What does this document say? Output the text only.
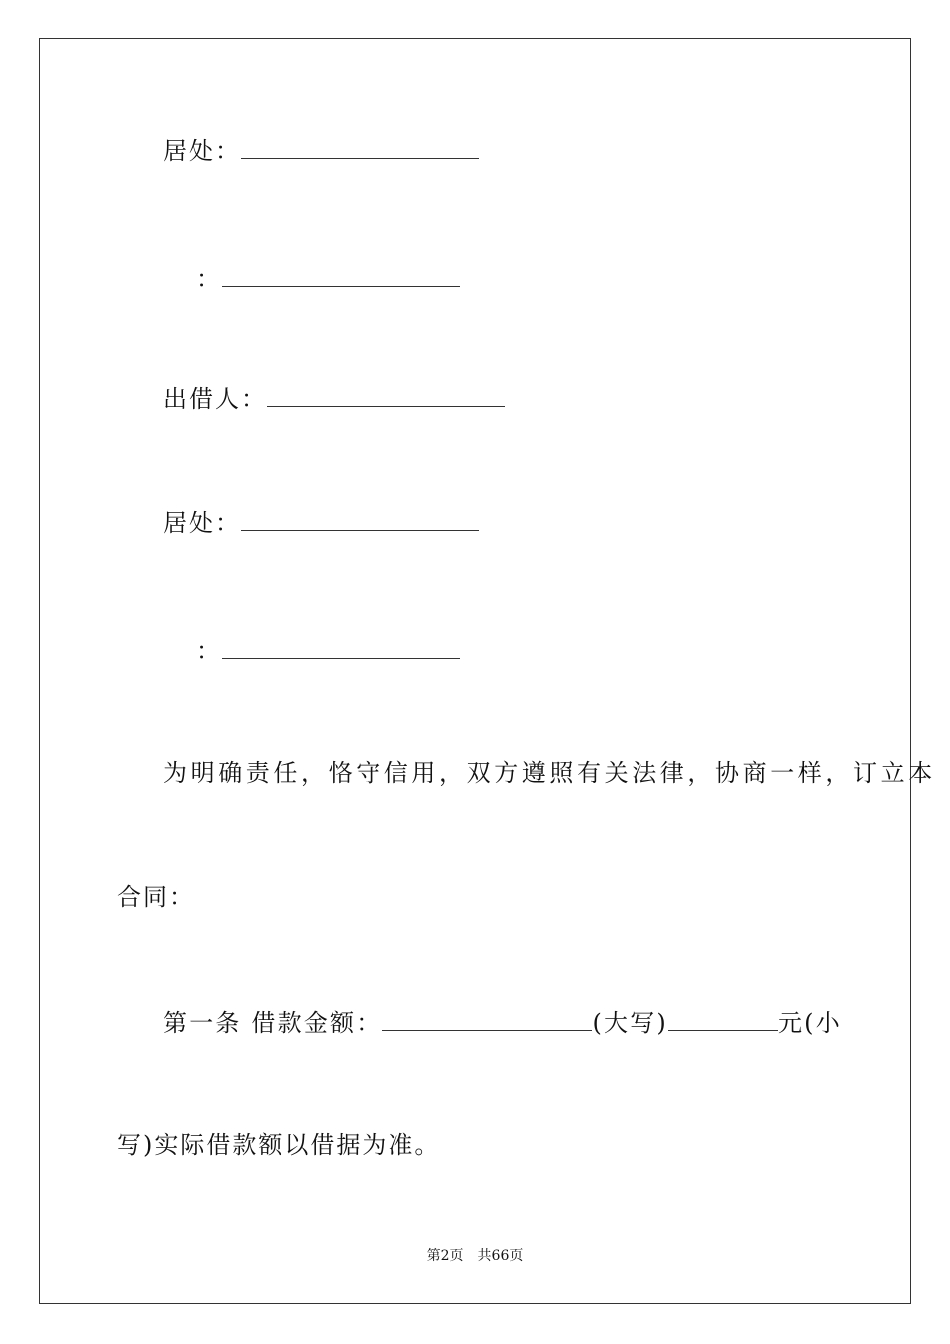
居处：
：
出借人：
居处：
：
为明确责任，恪守信用，双方遵照有关法律，协商一样，订立本
合同：
第一条 借款金额：	(大写)	元(小
写)实际借款额以借据为准。
第2页 共66页
